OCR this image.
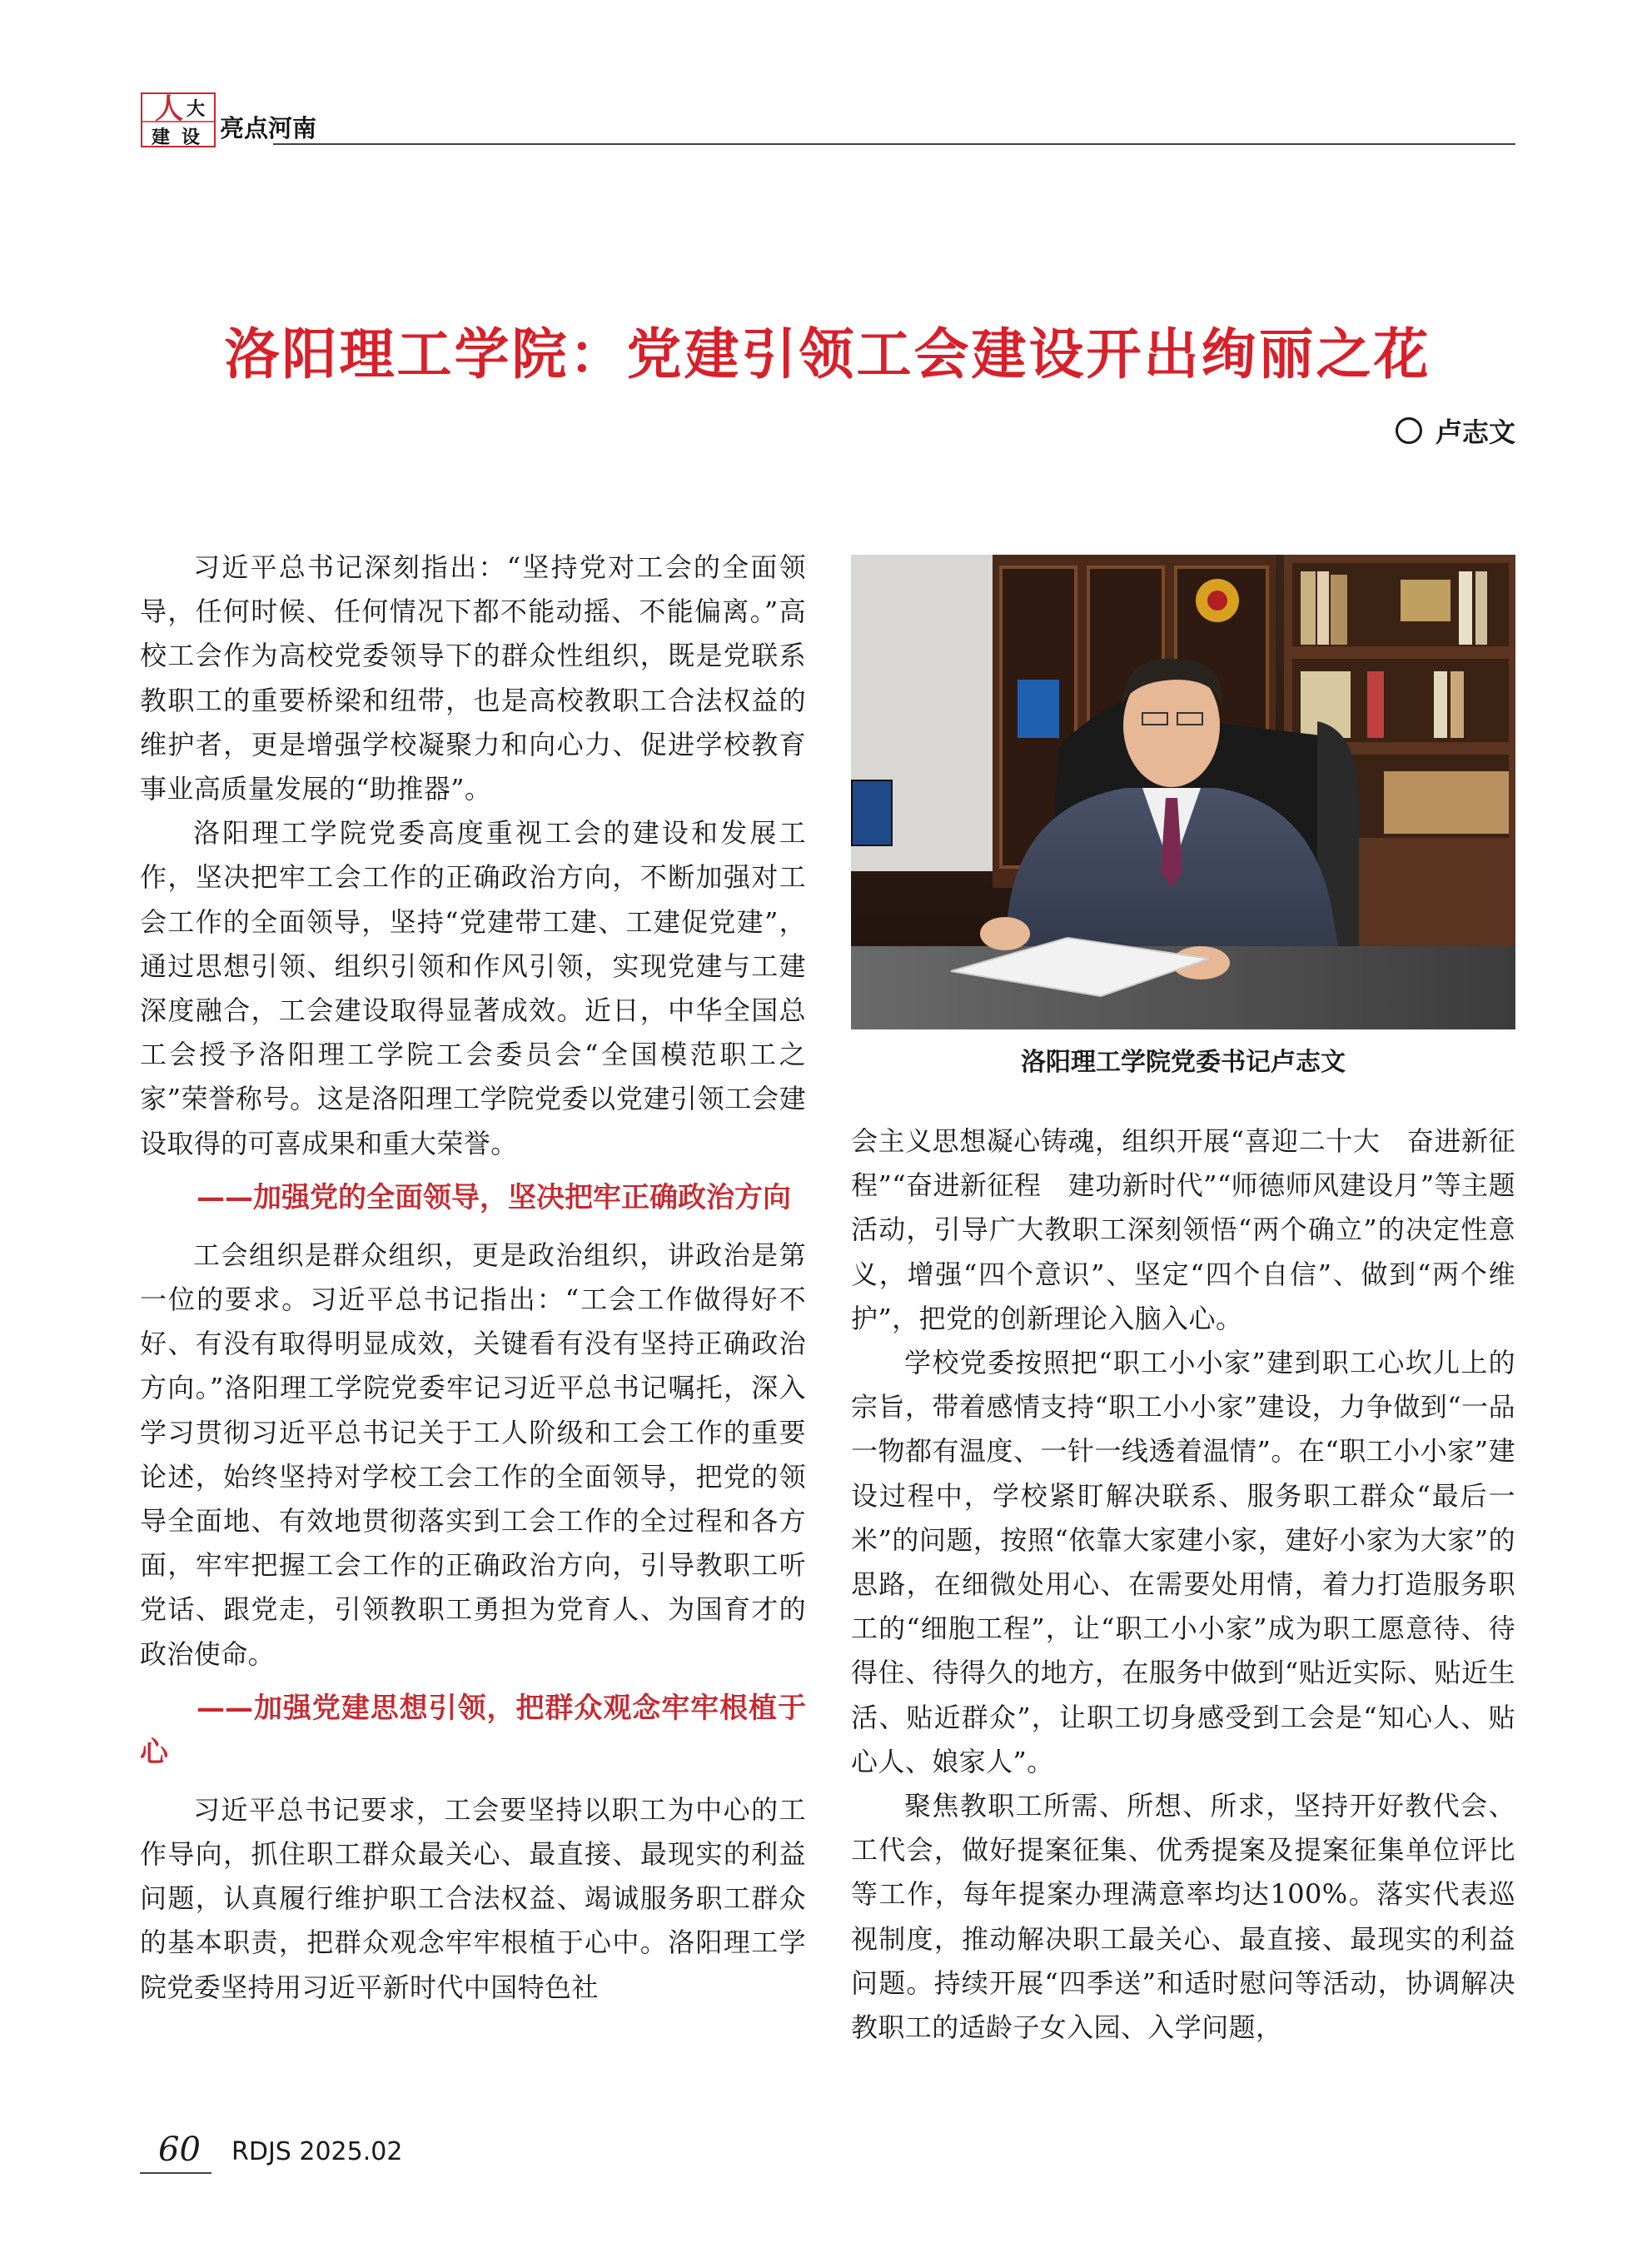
人 大
建 设 亮点河南
洛阳理工学院：党建引领工会建设开出绚丽之花
卢志文

习近平总书记深刻指出：“坚持党对工会的全面领导，任何时候、任何情况下都不能动摇、不能偏离。”高校工会作为高校党委领导下的群众性组织，既是党联系教职工的重要桥梁和纽带，也是高校教职工合法权益的维护者，更是增强学校凝聚力和向心力、促进学校教育事业高质量发展的“助推器”。

洛阳理工学院党委高度重视工会的建设和发展工作，坚决把牢工会工作的正确政治方向，不断加强对工会工作的全面领导，坚持“党建带工建、工建促党建”，通过思想引领、组织引领和作风引领，实现党建与工建深度融合，工会建设取得显著成效。近日，中华全国总工会授予洛阳理工学院工会委员会“全国模范职工之家”荣誉称号。这是洛阳理工学院党委以党建引领工会建设取得的可喜成果和重大荣誉。

——加强党的全面领导，坚决把牢正确政治方向

工会组织是群众组织，更是政治组织，讲政治是第一位的要求。习近平总书记指出：“工会工作做得好不好、有没有取得明显成效，关键看有没有坚持正确政治方向。”洛阳理工学院党委牢记习近平总书记嘱托，深入学习贯彻习近平总书记关于工人阶级和工会工作的重要论述，始终坚持对学校工会工作的全面领导，把党的领导全面地、有效地贯彻落实到工会工作的全过程和各方面，牢牢把握工会工作的正确政治方向，引导教职工听党话、跟党走，引领教职工勇担为党育人、为国育才的政治使命。

——加强党建思想引领，把群众观念牢牢根植于心

习近平总书记要求，工会要坚持以职工为中心的工作导向，抓住职工群众最关心、最直接、最现实的利益问题，认真履行维护职工合法权益、竭诚服务职工群众的基本职责，把群众观念牢牢根植于心中。洛阳理工学院党委坚持用习近平新时代中国特色社

洛阳理工学院党委书记卢志文

会主义思想凝心铸魂，组织开展“喜迎二十大　奋进新征程”“奋进新征程　建功新时代”“师德师风建设月”等主题活动，引导广大教职工深刻领悟“两个确立”的决定性意义，增强“四个意识”、坚定“四个自信”、做到“两个维护”，把党的创新理论入脑入心。

学校党委按照把“职工小小家”建到职工心坎儿上的宗旨，带着感情支持“职工小小家”建设，力争做到“一品一物都有温度、一针一线透着温情”。在“职工小小家”建设过程中，学校紧盯解决联系、服务职工群众“最后一米”的问题，按照“依靠大家建小家，建好小家为大家”的思路，在细微处用心、在需要处用情，着力打造服务职工的“细胞工程”，让“职工小小家”成为职工愿意待、待得住、待得久的地方，在服务中做到“贴近实际、贴近生活、贴近群众”，让职工切身感受到工会是“知心人、贴心人、娘家人”。

聚焦教职工所需、所想、所求，坚持开好教代会、工代会，做好提案征集、优秀提案及提案征集单位评比等工作，每年提案办理满意率均达100%。落实代表巡视制度，推动解决职工最关心、最直接、最现实的利益问题。持续开展“四季送”和适时慰问等活动，协调解决教职工的适龄子女入园、入学问题，

60 RDJS 2025.02
